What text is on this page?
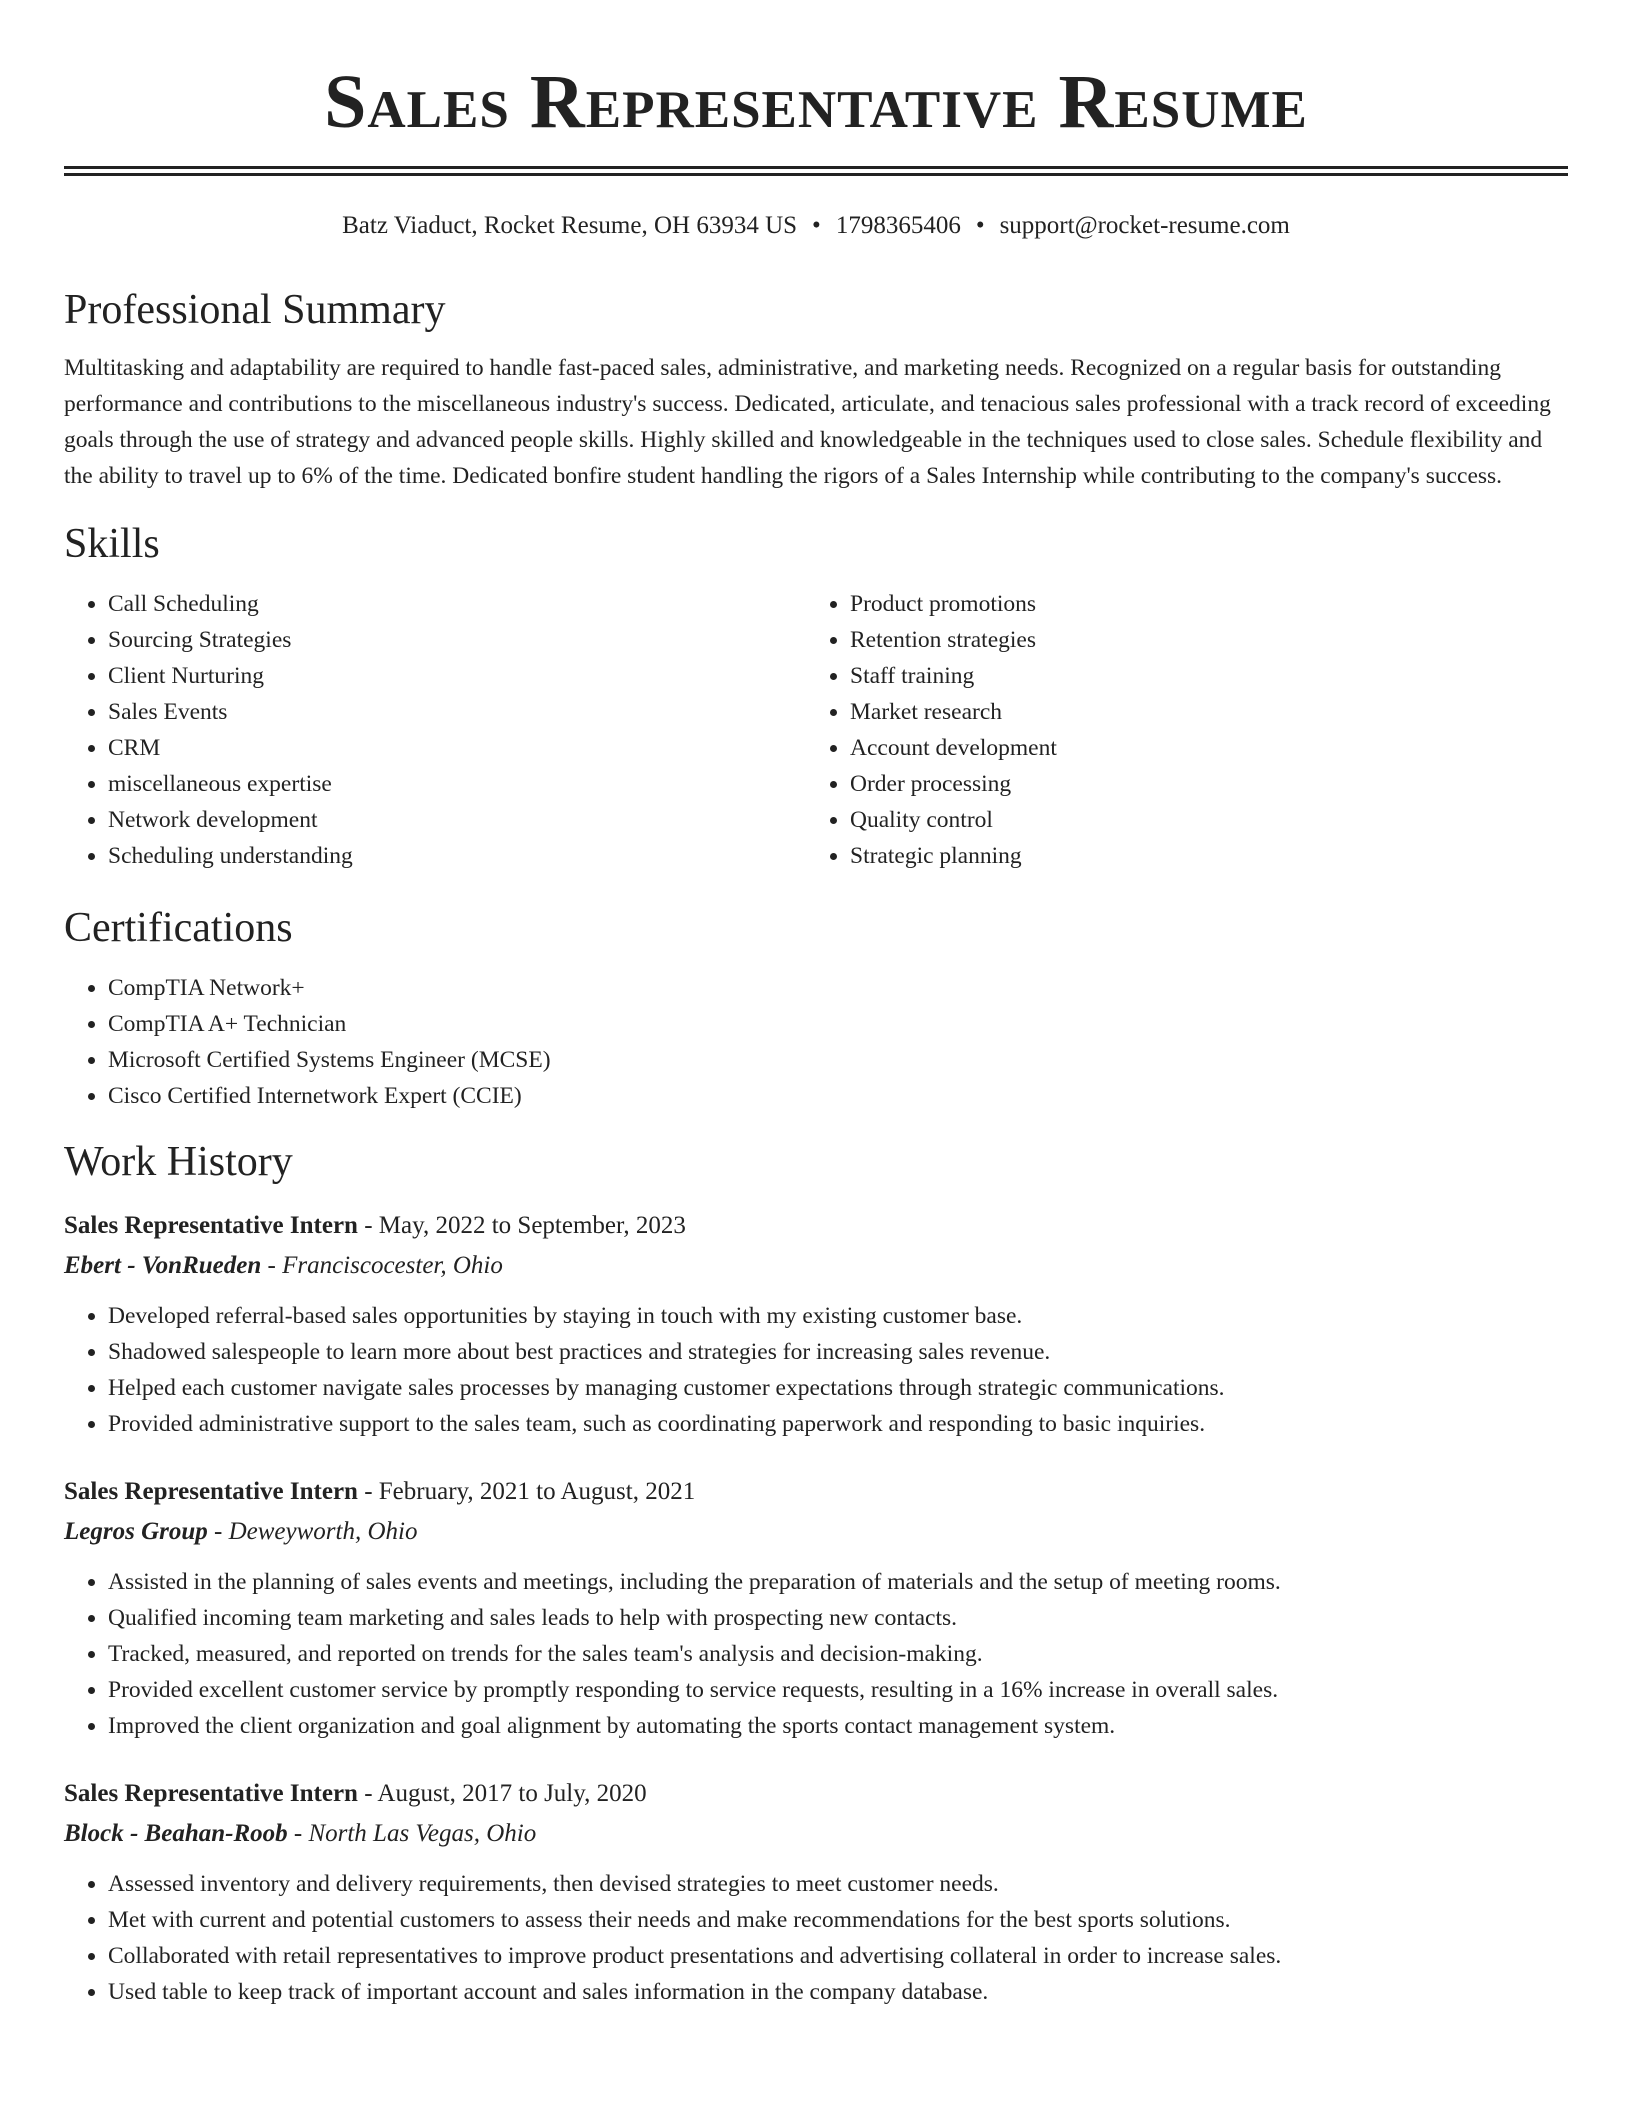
Sales Representative Resume
Batz Viaduct, Rocket Resume, OH 63934 US • 1798365406 • support@rocket-resume.com
Professional Summary

Multitasking and adaptability are required to handle fast-paced sales, administrative, and marketing needs. Recognized on a regular basis for outstanding performance and contributions to the miscellaneous industry's success. Dedicated, articulate, and tenacious sales professional with a track record of exceeding goals through the use of strategy and advanced people skills. Highly skilled and knowledgeable in the techniques used to close sales. Schedule flexibility and the ability to travel up to 6% of the time. Dedicated bonfire student handling the rigors of a Sales Internship while contributing to the company's success.

Skills
• Call Scheduling
• Sourcing Strategies
• Client Nurturing
• Sales Events
• CRM
• miscellaneous expertise
• Network development
• Scheduling understanding
• Product promotions
• Retention strategies
• Staff training
• Market research
• Account development
• Order processing
• Quality control
• Strategic planning
Certifications
• CompTIA Network+
• CompTIA A+ Technician
• Microsoft Certified Systems Engineer (MCSE)
• Cisco Certified Internetwork Expert (CCIE)
Work History
Sales Representative Intern - May, 2022 to September, 2023
Ebert - VonRueden - Franciscocester, Ohio
• Developed referral-based sales opportunities by staying in touch with my existing customer base.
• Shadowed salespeople to learn more about best practices and strategies for increasing sales revenue.
• Helped each customer navigate sales processes by managing customer expectations through strategic communications.
• Provided administrative support to the sales team, such as coordinating paperwork and responding to basic inquiries.
Sales Representative Intern - February, 2021 to August, 2021
Legros Group - Deweyworth, Ohio
• Assisted in the planning of sales events and meetings, including the preparation of materials and the setup of meeting rooms.
• Qualified incoming team marketing and sales leads to help with prospecting new contacts.
• Tracked, measured, and reported on trends for the sales team's analysis and decision-making.
• Provided excellent customer service by promptly responding to service requests, resulting in a 16% increase in overall sales.
• Improved the client organization and goal alignment by automating the sports contact management system.
Sales Representative Intern - August, 2017 to July, 2020
Block - Beahan-Roob - North Las Vegas, Ohio
• Assessed inventory and delivery requirements, then devised strategies to meet customer needs.
• Met with current and potential customers to assess their needs and make recommendations for the best sports solutions.
• Collaborated with retail representatives to improve product presentations and advertising collateral in order to increase sales.
• Used table to keep track of important account and sales information in the company database.
